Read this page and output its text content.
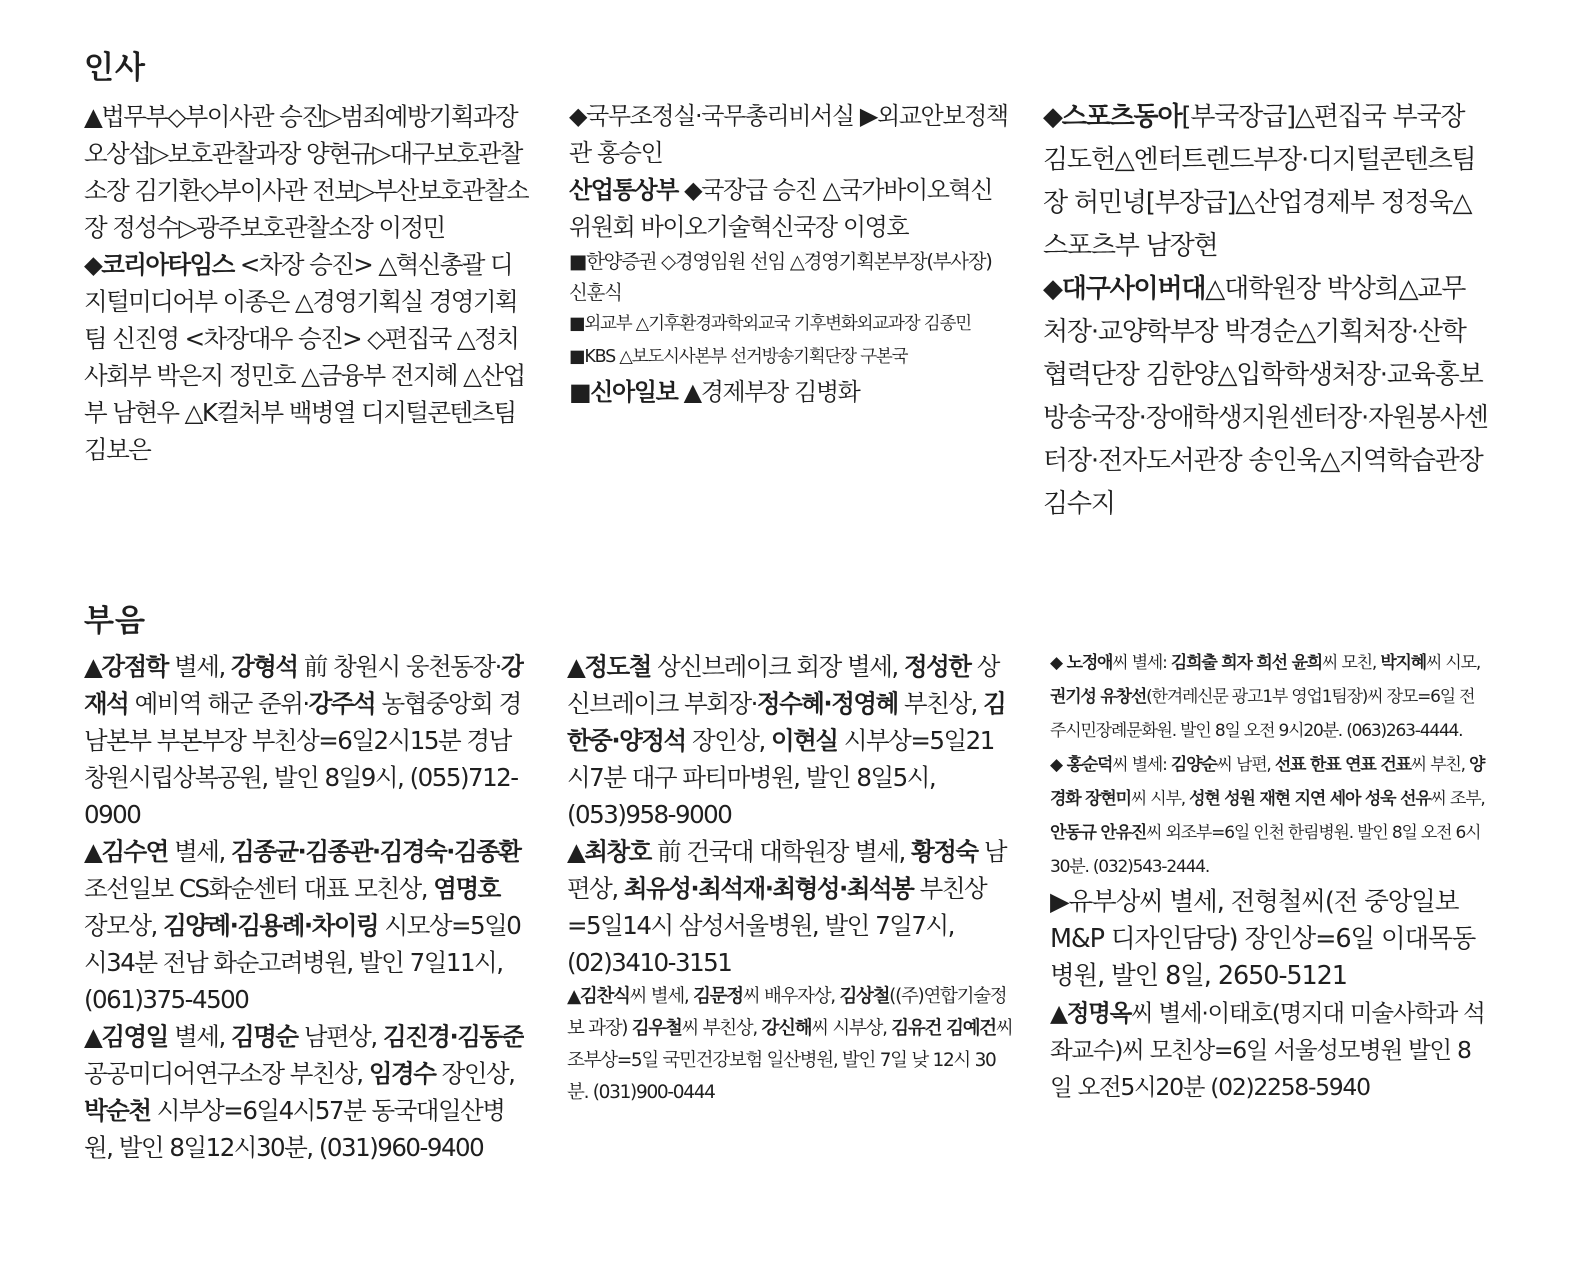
인사

▲법무부◇부이사관 승진▷범죄예방기획과장 오상섭▷보호관찰과장 양현규▷대구보호관찰소장 김기환◇부이사관 전보▷부산보호관찰소장 정성수▷광주보호관찰소장 이정민

◆코리아타임스 <차장 승진> △혁신총괄 디지털미디어부 이종은 △경영기획실 경영기획팀 신진영 <차장대우 승진> ◇편집국 △정치사회부 박은지 정민호 △금융부 전지혜 △산업부 남현우 △K컬처부 백병열 디지털콘텐츠팀 김보은

◆국무조정실·국무총리비서실 ▶외교안보정책관 홍승인

산업통상부 ◆국장급 승진 △국가바이오혁신위원회 바이오기술혁신국장 이영호

■한양증권 ◇경영임원 선임 △경영기획본부장(부사장) 신훈식

■외교부 △기후환경과학외교국 기후변화외교과장 김종민

■KBS △보도시사본부 선거방송기획단장 구본국

■신아일보 ▲경제부장 김병화

◆스포츠동아[부국장급]△편집국 부국장 김도헌△엔터트렌드부장·디지털콘텐츠팀장 허민녕[부장급]△산업경제부 정정욱△스포츠부 남장현

◆대구사이버대△대학원장 박상희△교무처장·교양학부장 박경순△기획처장·산학협력단장 김한양△입학학생처장·교육홍보방송국장·장애학생지원센터장·자원봉사센터장·전자도서관장 송인욱△지역학습관장 김수지

부음

▲강점학 별세, 강형석 前 창원시 웅천동장·강재석 예비역 해군 준위·강주석 농협중앙회 경남본부 부본부장 부친상=6일2시15분 경남 창원시립상복공원, 발인 8일9시, (055)712-0900

▲김수연 별세, 김종균·김종관·김경숙·김종환 조선일보 CS화순센터 대표 모친상, 염명호 장모상, 김양례·김용례·차이링 시모상=5일0시34분 전남 화순고려병원, 발인 7일11시, (061)375-4500

▲김영일 별세, 김명순 남편상, 김진경·김동준 공공미디어연구소장 부친상, 임경수 장인상, 박순천 시부상=6일4시57분 동국대일산병원, 발인 8일12시30분, (031)960-9400

▲정도철 상신브레이크 회장 별세, 정성한 상신브레이크 부회장·정수혜·정영혜 부친상, 김한중·양정석 장인상, 이현실 시부상=5일21시7분 대구 파티마병원, 발인 8일5시, (053)958-9000

▲최창호 前 건국대 대학원장 별세, 황정숙 남편상, 최유성·최석재·최형성·최석봉 부친상=5일14시 삼성서울병원, 발인 7일7시, (02)3410-3151

▲김찬식씨 별세, 김문정씨 배우자상, 김상철((주)연합기술정보 과장) 김우철씨 부친상, 강신해씨 시부상, 김유건 김예건씨 조부상=5일 국민건강보험 일산병원, 발인 7일 낮 12시 30분. (031)900-0444

◆ 노정애씨 별세: 김희출 희자 희선 윤희씨 모친, 박지혜씨 시모, 권기성 유창선(한겨레신문 광고1부 영업1팀장)씨 장모=6일 전주시민장례문화원. 발인 8일 오전 9시20분. (063)263-4444.

◆ 홍순덕씨 별세: 김양순씨 남편, 선표 한표 연표 건표씨 부친, 양경화 장현미씨 시부, 성현 성원 재현 지연 세아 성욱 선유씨 조부, 안동규 안유진씨 외조부=6일 인천 한림병원. 발인 8일 오전 6시30분. (032)543-2444.

▶유부상씨 별세, 전형철씨(전 중앙일보 M&P 디자인담당) 장인상=6일 이대목동병원, 발인 8일, 2650-5121

▲정명옥씨 별세·이태호(명지대 미술사학과 석좌교수)씨 모친상=6일 서울성모병원 발인 8일 오전5시20분 (02)2258-5940
